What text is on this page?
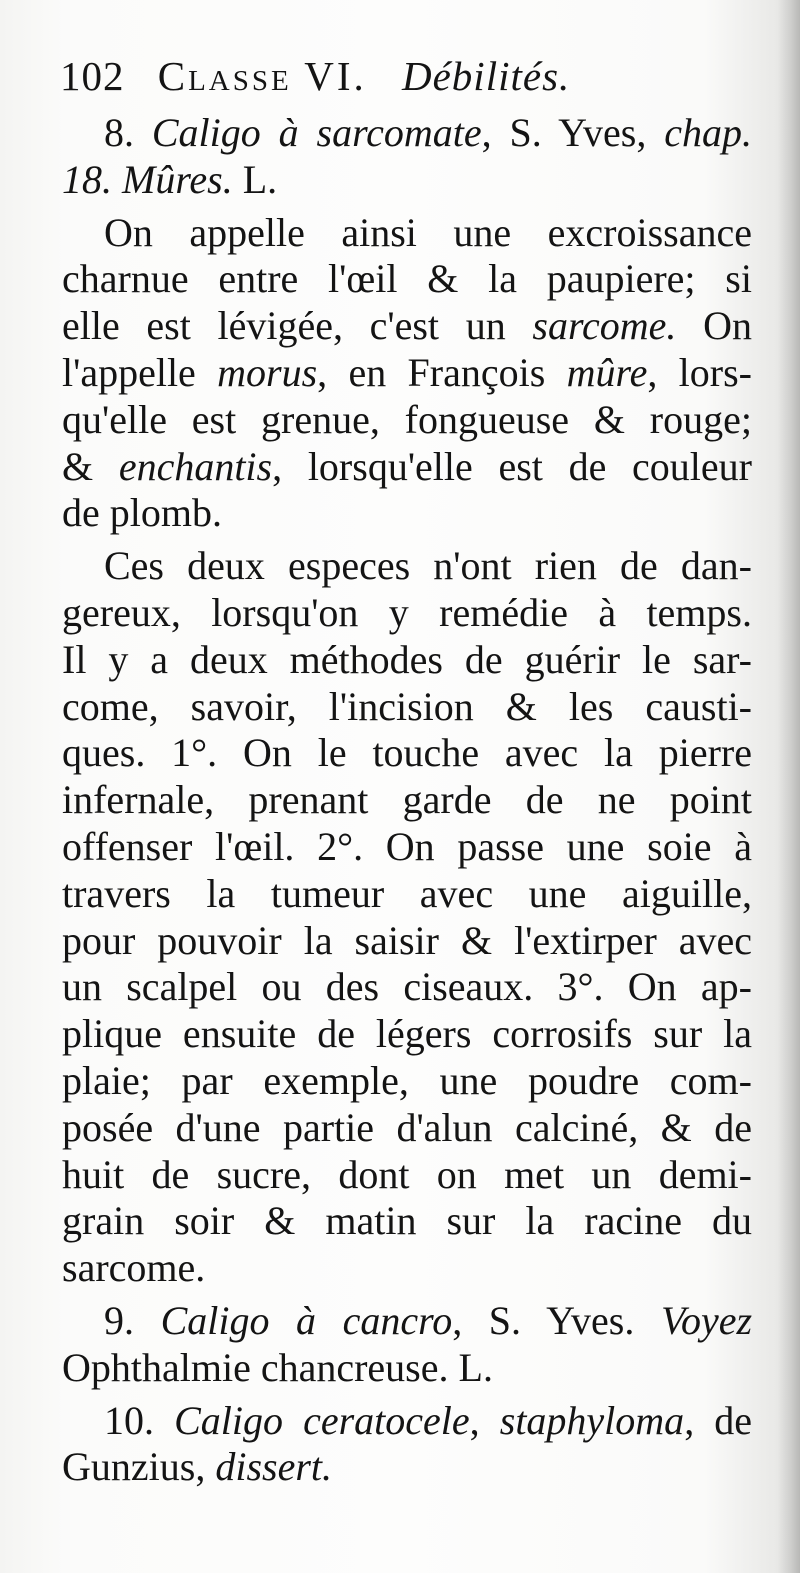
102 Classe VI. Débilités.
8. Caligo à sarcomate, S. Yves, chap.
18. Mûres. L.
On appelle ainsi une excroissance
charnue entre l'œil & la paupiere; si
elle est lévigée, c'est un sarcome. On
l'appelle morus, en François mûre, lors-
qu'elle est grenue, fongueuse & rouge;
& enchantis, lorsqu'elle est de couleur
de plomb.
Ces deux especes n'ont rien de dan-
gereux, lorsqu'on y remédie à temps.
Il y a deux méthodes de guérir le sar-
come, savoir, l'incision & les causti-
ques. 1°. On le touche avec la pierre
infernale, prenant garde de ne point
offenser l'œil. 2°. On passe une soie à
travers la tumeur avec une aiguille,
pour pouvoir la saisir & l'extirper avec
un scalpel ou des ciseaux. 3°. On ap-
plique ensuite de légers corrosifs sur la
plaie; par exemple, une poudre com-
posée d'une partie d'alun calciné, & de
huit de sucre, dont on met un demi-
grain soir & matin sur la racine du
sarcome.
9. Caligo à cancro, S. Yves. Voyez
Ophthalmie chancreuse. L.
10. Caligo ceratocele, staphyloma, de
Gunzius, dissert.
